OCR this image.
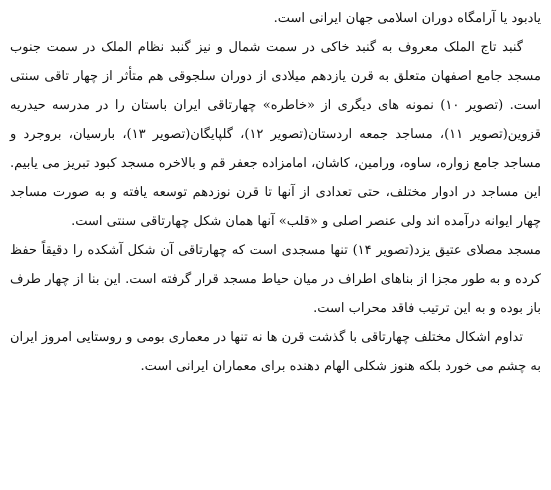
یادبود یا آرامگاه دوران اسلامی جهان ایرانی است.

گنبد تاج الملک معروف به گنبد خاکی در سمت شمال و نیز گنبد نظام الملک در سمت جنوب مسجد جامع اصفهان متعلق به قرن یازدهم میلادی از دوران سلجوقی هم متأثر از چهار تاقی سنتی است. (تصویر ۱۰) نمونه های دیگری از «خاطره» چهارتاقی ایران باستان را در مدرسه حیدریه قزوین(تصویر ۱۱)، مساجد جمعه اردستان(تصویر ۱۲)، گلپایگان(تصویر ۱۳)، بارسیان، بروجرد و مساجد جامع زواره، ساوه، ورامین، کاشان، امامزاده جعفر قم و بالاخره مسجد کبود تبریز می یابیم. این مساجد در ادوار مختلف، حتی تعدادی از آنها تا قرن نوزدهم توسعه یافته و به صورت مساجد چهار ایوانه درآمده اند ولی عنصر اصلی و «قلب» آنها همان شکل چهارتاقی سنتی است.

مسجد مصلای عتیق یزد(تصویر ۱۴) تنها مسجدی است که چهارتاقی آن شکل آشکده را دقیقاً حفظ کرده و به طور مجزا از بناهای اطراف در میان حیاط مسجد قرار گرفته است. این بنا از چهار طرف باز بوده و به این ترتیب فاقد محراب است.

تداوم اشکال مختلف چهارتاقی با گذشت قرن ها نه تنها در معماری بومی و روستایی امروز ایران به چشم می خورد بلکه هنوز شکلی الهام دهنده برای معماران ایرانی است.
